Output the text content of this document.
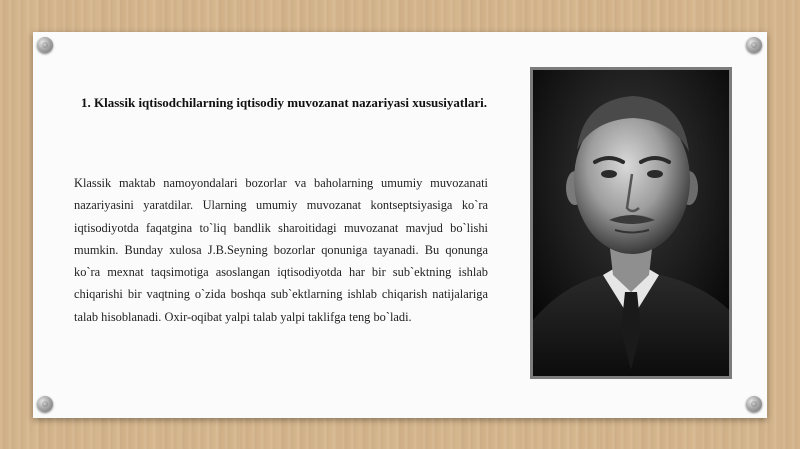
1. Klassik iqtisodchilarning iqtisodiy muvozanat nazariyasi xususiyatlari.

Klassik maktab namoyondalari bozorlar va baholarning umumiy muvozanati nazariyasini yaratdilar. Ularning umumiy muvozanat kontseptsiyasiga ko`ra iqtisodiyotda faqatgina to`liq bandlik sharoitidagi muvozanat mavjud bo`lishi mumkin. Bunday xulosa J.B.Seyning bozorlar qonuniga tayanadi. Bu qonunga ko`ra mexnat taqsimotiga asoslangan iqtisodiyotda har bir sub`ektning ishlab chiqarishi bir vaqtning o`zida boshqa sub`ektlarning ishlab chiqarish natijalariga talab hisoblanadi. Oxir-oqibat yalpi talab yalpi taklifga teng bo`ladi.
